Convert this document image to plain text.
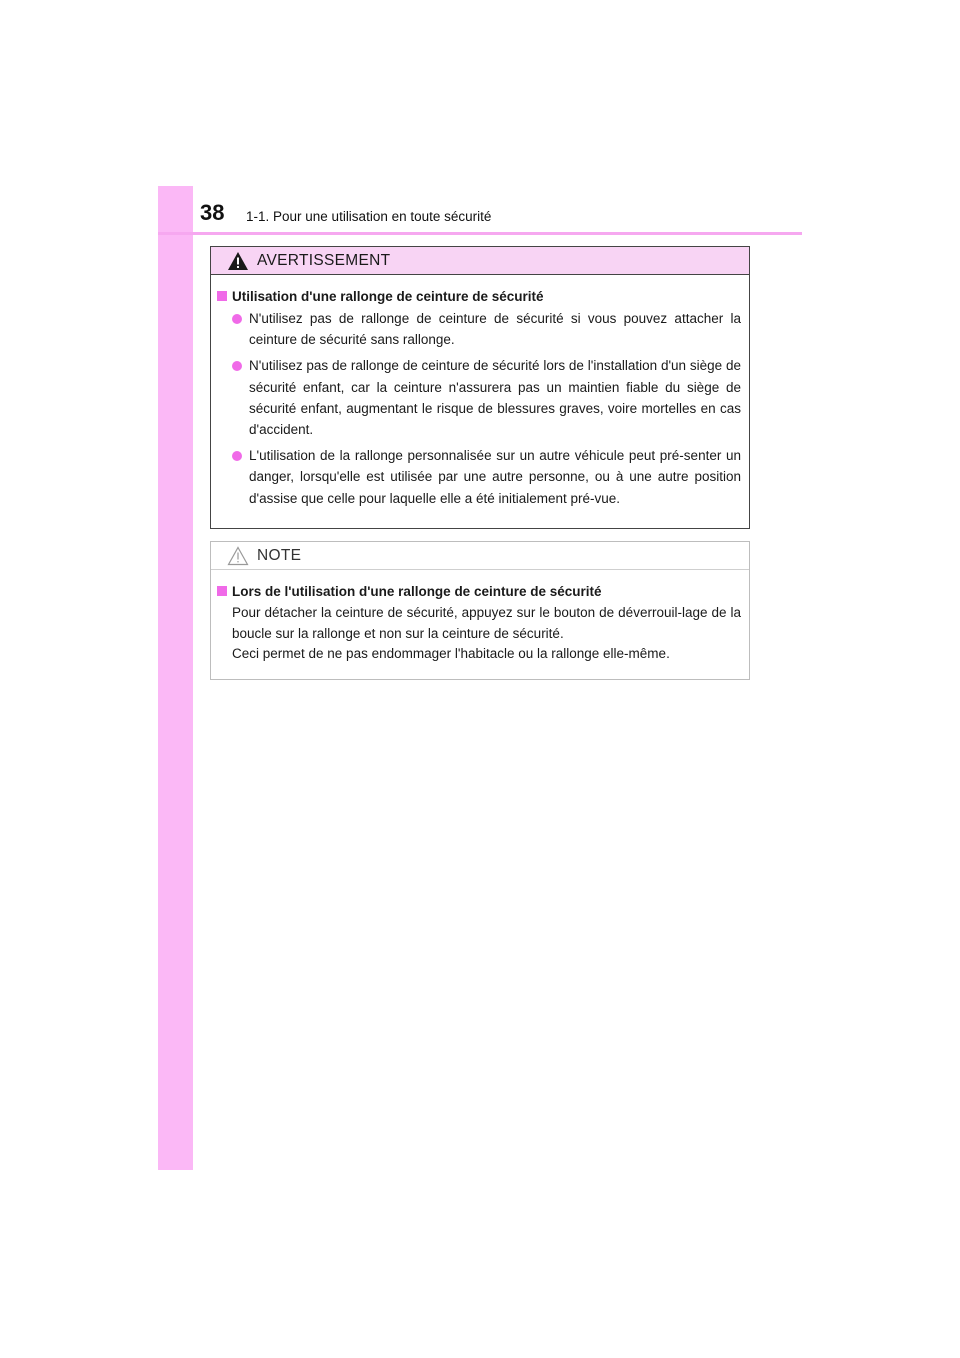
38 1-1. Pour une utilisation en toute sécurité
AVERTISSEMENT
Utilisation d'une rallonge de ceinture de sécurité
N'utilisez pas de rallonge de ceinture de sécurité si vous pouvez attacher la ceinture de sécurité sans rallonge.
N'utilisez pas de rallonge de ceinture de sécurité lors de l'installation d'un siège de sécurité enfant, car la ceinture n'assurera pas un maintien fiable du siège de sécurité enfant, augmentant le risque de blessures graves, voire mortelles en cas d'accident.
L'utilisation de la rallonge personnalisée sur un autre véhicule peut pré-senter un danger, lorsqu'elle est utilisée par une autre personne, ou à une autre position d'assise que celle pour laquelle elle a été initialement pré-vue.
NOTE
Lors de l'utilisation d'une rallonge de ceinture de sécurité

Pour détacher la ceinture de sécurité, appuyez sur le bouton de déverrouil-lage de la boucle sur la rallonge et non sur la ceinture de sécurité.

Ceci permet de ne pas endommager l'habitacle ou la rallonge elle-même.
